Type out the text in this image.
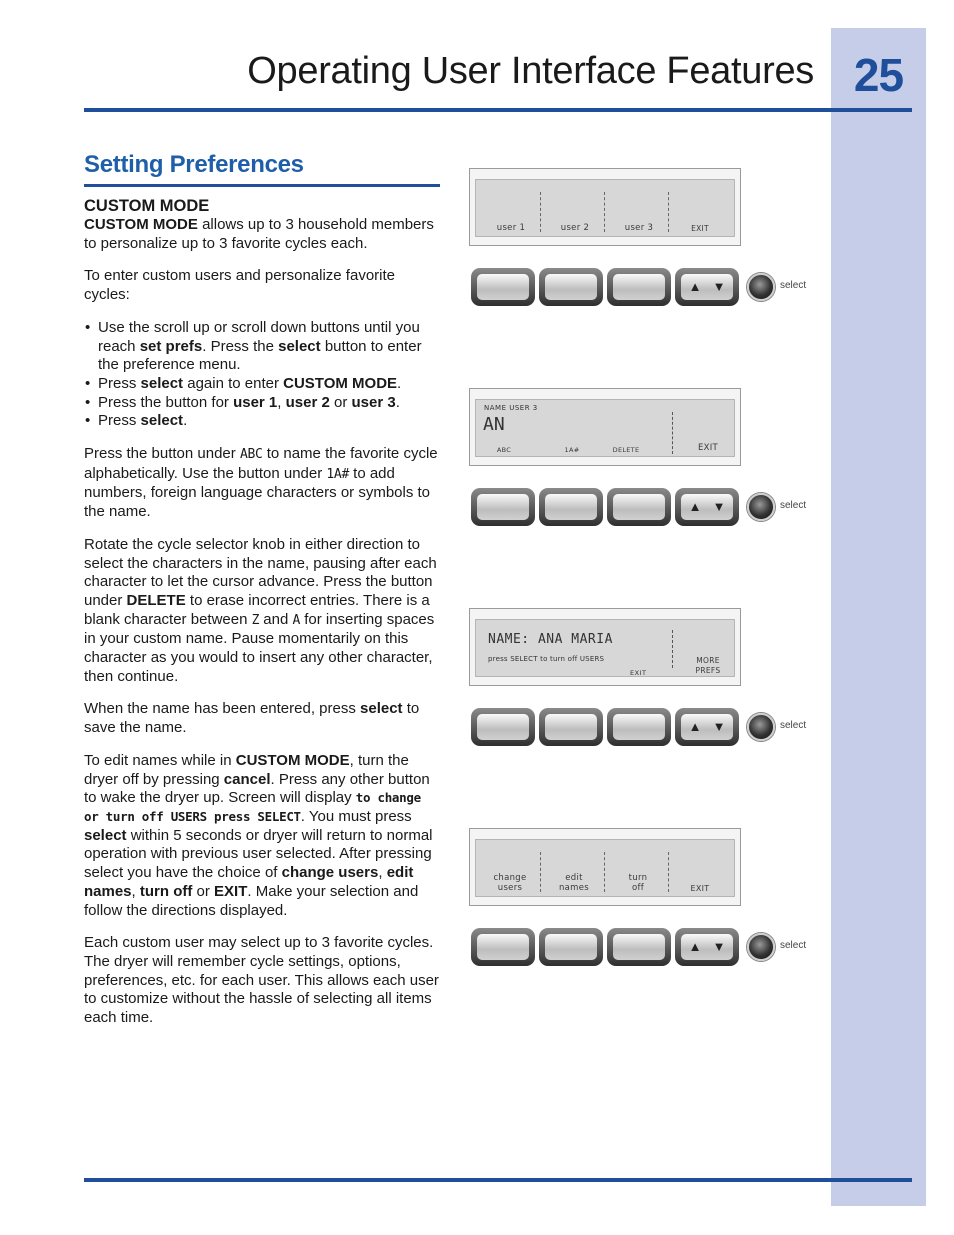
25
Operating User Interface Features
Setting Preferences
CUSTOM MODE

CUSTOM MODE allows up to 3 household members to personalize up to 3 favorite cycles each.

To enter custom users and personalize favorite cycles:

• Use the scroll up or scroll down buttons until you reach set prefs. Press the select button to enter the preference menu.
• Press select again to enter CUSTOM MODE.
• Press the button for user 1, user 2 or user 3.
• Press select.

Press the button under ABC to name the favorite cycle alphabetically. Use the button under 1A# to add numbers, foreign language characters or symbols to the name.

Rotate the cycle selector knob in either direction to select the characters in the name, pausing after each character to let the cursor advance. Press the button under DELETE to erase incorrect entries. There is a blank character between Z and A for inserting spaces in your custom name. Pause momentarily on this character as you would to insert any other character, then continue.

When the name has been entered, press select to save the name.

To edit names while in CUSTOM MODE, turn the dryer off by pressing cancel. Press any other button to wake the dryer up. Screen will display to change or turn off USERS press SELECT. You must press select within 5 seconds or dryer will return to normal operation with previous user selected. After pressing select you have the choice of change users, edit names, turn off or EXIT. Make your selection and follow the directions displayed.

Each custom user may select up to 3 favorite cycles. The dryer will remember cycle settings, options, preferences, etc. for each user. This allows each user to customize without the hassle of selecting all items each time.

user 1	user 2	user 3	EXIT
NAME USER 3
AN
ABC	1A#	DELETE	EXIT
NAME: ANA MARIA
press SELECT to turn off USERS
EXIT
MORE
PREFS
change
users
edit
names
turn
off	EXIT
▲ ▼	select
▲ ▼	select
▲ ▼	select
▲ ▼	select
